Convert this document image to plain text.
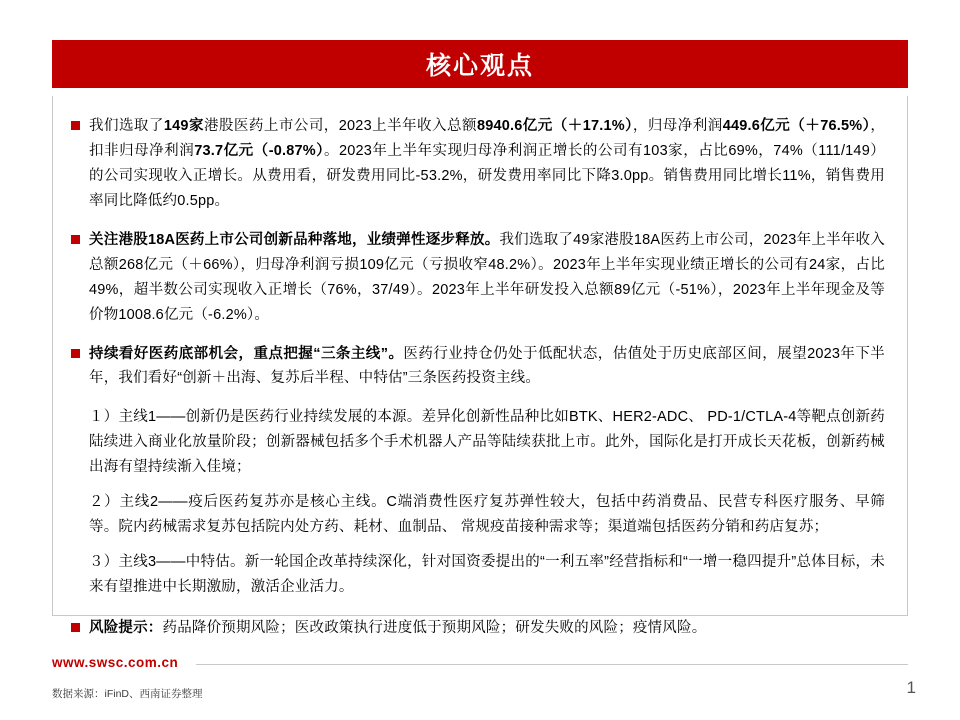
核心观点
我们选取了149家港股医药上市公司，2023上半年收入总额8940.6亿元（＋17.1%），归母净利润449.6亿元（＋76.5%），扣非归母净利润73.7亿元（-0.87%）。2023年上半年实现归母净利润正增长的公司有103家，占比69%，74%（111/149）的公司实现收入正增长。从费用看，研发费用同比-53.2%，研发费用率同比下降3.0pp。销售费用同比增长11%，销售费用率同比降低约0.5pp。
关注港股18A医药上市公司创新品种落地，业绩弹性逐步释放。我们选取了49家港股18A医药上市公司，2023年上半年收入总额268亿元（＋66%），归母净利润亏损109亿元（亏损收窄48.2%）。2023年上半年实现业绩正增长的公司有24家，占比49%，超半数公司实现收入正增长（76%，37/49）。2023年上半年研发投入总额89亿元（-51%），2023年上半年现金及等价物1008.6亿元（-6.2%）。
持续看好医药底部机会，重点把握“三条主线”。医药行业持仓仍处于低配状态，估值处于历史底部区间，展望2023年下半年，我们看好“创新＋出海、复苏后半程、中特估”三条医药投资主线。

１）主线1——创新仍是医药行业持续发展的本源。差异化创新性品种比如BTK、HER2-ADC、 PD-1/CTLA-4等靶点创新药陆续进入商业化放量阶段；创新器械包括多个手术机器人产品等陆续获批上市。此外，国际化是打开成长天花板，创新药械出海有望持续渐入佳境；

２）主线2——疫后医药复苏亦是核心主线。C端消费性医疗复苏弹性较大，包括中药消费品、民营专科医疗服务、早筛等。院内药械需求复苏包括院内处方药、耗材、血制品、 常规疫苗接种需求等；渠道端包括医药分销和药店复苏；

３）主线3——中特估。新一轮国企改革持续深化，针对国资委提出的“一利五率”经营指标和“一增一稳四提升”总体目标，未来有望推进中长期激励，激活企业活力。

风险提示：药品降价预期风险；医改政策执行进度低于预期风险；研发失败的风险；疫情风险。
www.swsc.com.cn
数据来源：iFinD、西南证券整理	1
